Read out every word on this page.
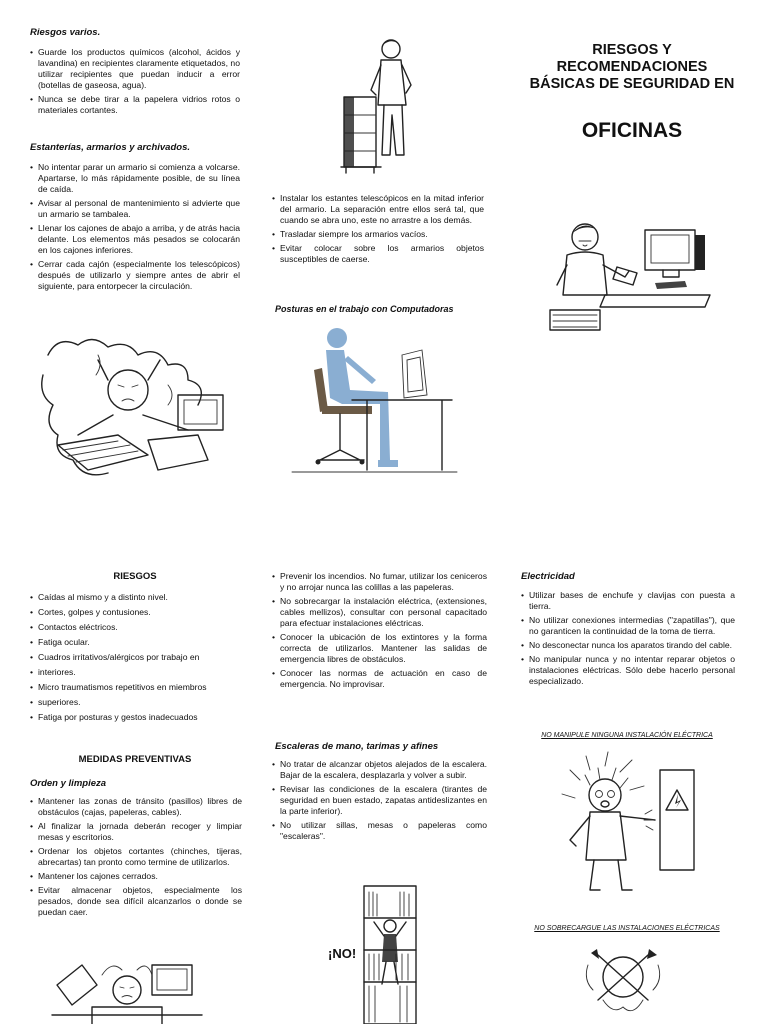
Riesgos varios.
• Guarde los productos químicos (alcohol, ácidos y lavandina) en recipientes claramente etiquetados, no utilizar recipientes que puedan inducir a error (botellas de gaseosa, agua).
• Nunca se debe tirar a la papelera vidrios rotos o materiales cortantes.
Estanterías, armarios y archivados.
• No intentar parar un armario si comienza a volcarse. Apartarse, lo más rápidamente posible, de su línea de caída.
• Avisar al personal de mantenimiento si advierte que un armario se tambalea.
• Llenar los cajones de abajo a arriba, y de atrás hacia delante. Los elementos más pesados se colocarán en los cajones inferiores.
• Cerrar cada cajón (especialmente los telescópicos) después de utilizarlo y siempre antes de abrir el siguiente, para entorpecer la circulación.
• Instalar los estantes telescópicos en la mitad inferior del armario. La separación entre ellos será tal, que cuando se abra uno, este no arrastre a los demás.
• Trasladar siempre los armarios vacíos.
• Evitar colocar sobre los armarios objetos susceptibles de caerse.
Posturas en el trabajo con Computadoras
RIESGOS Y
RECOMENDACIONES
BÁSICAS DE SEGURIDAD EN
OFICINAS
RIESGOS
• Caídas al mismo y a distinto nivel.
• Cortes, golpes y contusiones.
• Contactos eléctricos.
• Fatiga ocular.
• Cuadros irritativos/alérgicos por trabajo en
• interiores.
• Micro traumatismos repetitivos en miembros
• superiores.
• Fatiga por posturas y gestos inadecuados
MEDIDAS PREVENTIVAS
Orden y limpieza
• Mantener las zonas de tránsito (pasillos) libres de obstáculos (cajas, papeleras, cables).
• Al finalizar la jornada deberán recoger y limpiar mesas y escritorios.
• Ordenar los objetos cortantes (chinches, tijeras, abrecartas) tan pronto como termine de utilizarlos.
• Mantener los cajones cerrados.
• Evitar almacenar objetos, especialmente los pesados, donde sea difícil alcanzarlos o donde se puedan caer.
• Prevenir los incendios. No fumar, utilizar los ceniceros y no arrojar nunca las colillas a las papeleras.
• No sobrecargar la instalación eléctrica, (extensiones, cables mellizos), consultar con personal capacitado para efectuar instalaciones eléctricas.
• Conocer la ubicación de los extintores y la forma correcta de utilizarlos. Mantener las salidas de emergencia libres de obstáculos.
• Conocer las normas de actuación en caso de emergencia. No improvisar.
Escaleras de mano, tarimas y afines
• No tratar de alcanzar objetos alejados de la escalera. Bajar de la escalera, desplazarla y volver a subir.
• Revisar las condiciones de la escalera (tirantes de seguridad en buen estado, zapatas antideslizantes en la parte inferior).
• No utilizar sillas, mesas o papeleras como "escaleras".
¡NO!
Electricidad
• Utilizar bases de enchufe y clavijas con puesta a tierra.
• No utilizar conexiones intermedias ("zapatillas"), que no garanticen la continuidad de la toma de tierra.
• No desconectar nunca los aparatos tirando del cable.
• No manipular nunca y no intentar reparar objetos o instalaciones eléctricas. Sólo debe hacerlo personal especializado.
NO MANIPULE NINGUNA INSTALACIÓN ELÉCTRICA
NO SOBRECARGUE LAS INSTALACIONES ELÉCTRICAS
